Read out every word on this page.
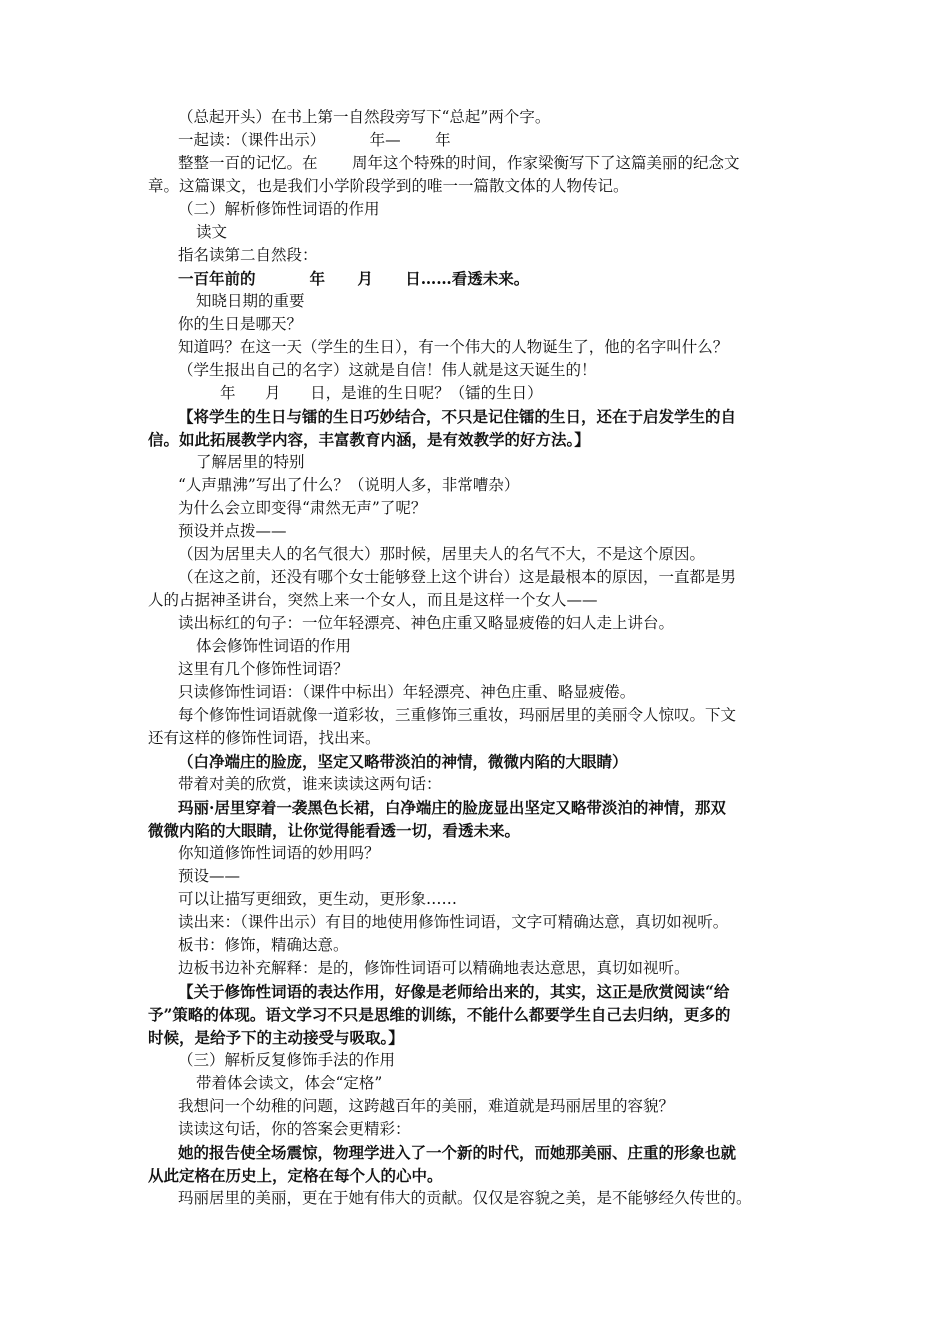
（总起开头）在书上第一自然段旁写下“总起”两个字。
一起读：（课件出示）         年—       年
整整一百的记忆。在       周年这个特殊的时间，作家梁衡写下了这篇美丽的纪念文
章。这篇课文，也是我们小学阶段学到的唯一一篇散文体的人物传记。
（二）解析修饰性词语的作用
读文
指名读第二自然段：
一百年前的          年      月      日……看透未来。
知晓日期的重要
你的生日是哪天？
知道吗？在这一天（学生的生日），有一个伟大的人物诞生了，他的名字叫什么？
（学生报出自己的名字）这就是自信！伟人就是这天诞生的！
年      月      日，是谁的生日呢？（镭的生日）
【将学生的生日与镭的生日巧妙结合，不只是记住镭的生日，还在于启发学生的自
信。如此拓展教学内容，丰富教育内涵，是有效教学的好方法。】
了解居里的特别
“人声鼎沸”写出了什么？（说明人多，非常嘈杂）
为什么会立即变得“肃然无声”了呢？
预设并点拨——
（因为居里夫人的名气很大）那时候，居里夫人的名气不大，不是这个原因。
（在这之前，还没有哪个女士能够登上这个讲台）这是最根本的原因，一直都是男
人的占据神圣讲台，突然上来一个女人，而且是这样一个女人——
读出标红的句子：一位年轻漂亮、神色庄重又略显疲倦的妇人走上讲台。
体会修饰性词语的作用
这里有几个修饰性词语？
只读修饰性词语：（课件中标出）年轻漂亮、神色庄重、略显疲倦。
每个修饰性词语就像一道彩妆，三重修饰三重妆，玛丽居里的美丽令人惊叹。下文
还有这样的修饰性词语，找出来。
（白净端庄的脸庞，坚定又略带淡泊的神情，微微内陷的大眼睛）
带着对美的欣赏，谁来读读这两句话：
玛丽·居里穿着一袭黑色长裙，白净端庄的脸庞显出坚定又略带淡泊的神情，那双
微微内陷的大眼睛，让你觉得能看透一切，看透未来。
你知道修饰性词语的妙用吗？
预设——
可以让描写更细致，更生动，更形象……
读出来：（课件出示）有目的地使用修饰性词语，文字可精确达意，真切如视听。
板书：修饰，精确达意。
边板书边补充解释：是的，修饰性词语可以精确地表达意思，真切如视听。
【关于修饰性词语的表达作用，好像是老师给出来的，其实，这正是欣赏阅读“给
予”策略的体现。语文学习不只是思维的训练，不能什么都要学生自己去归纳，更多的
时候，是给予下的主动接受与吸取。】
（三）解析反复修饰手法的作用
带着体会读文，体会“定格”
我想问一个幼稚的问题，这跨越百年的美丽，难道就是玛丽居里的容貌？
读读这句话，你的答案会更精彩：
她的报告使全场震惊，物理学进入了一个新的时代，而她那美丽、庄重的形象也就
从此定格在历史上，定格在每个人的心中。
玛丽居里的美丽，更在于她有伟大的贡献。仅仅是容貌之美，是不能够经久传世的。
